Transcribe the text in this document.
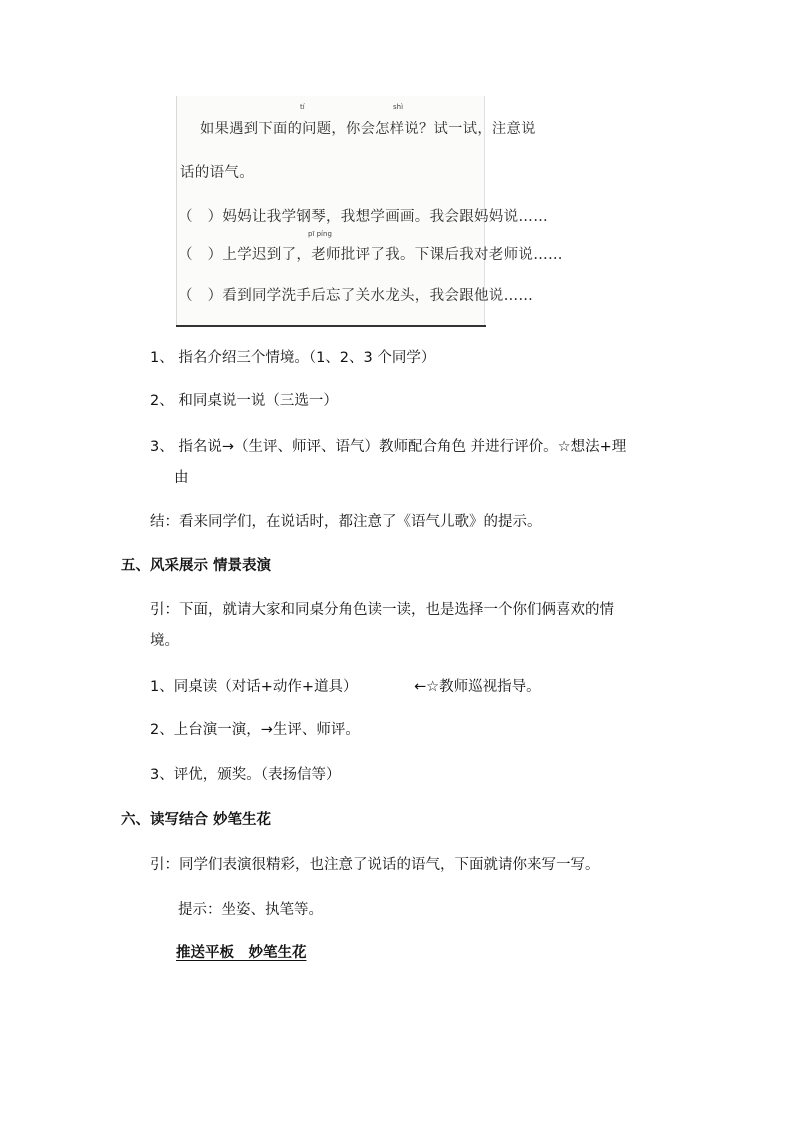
tí	shì
pī píng
如果遇到下面的问题，你会怎样说？试一试，注意说
话的语气。
（　）妈妈让我学钢琴，我想学画画。我会跟妈妈说……
（　）上学迟到了，老师批评了我。下课后我对老师说……
（　）看到同学洗手后忘了关水龙头，我会跟他说……
1、 指名介绍三个情境。（1、2、3 个同学）
2、 和同桌说一说（三选一）
3、 指名说→（生评、师评、语气）教师配合角色 并进行评价。☆想法+理
由
结：看来同学们，在说话时，都注意了《语气儿歌》的提示。
五、风采展示 情景表演
引：下面，就请大家和同桌分角色读一读，也是选择一个你们俩喜欢的情
境。
1、同桌读（对话+动作+道具）	←☆教师巡视指导。
2、上台演一演，→生评、师评。
3、评优，颁奖。（表扬信等）
六、读写结合 妙笔生花
引：同学们表演很精彩，也注意了说话的语气，下面就请你来写一写。
提示：坐姿、执笔等。
推送平板　妙笔生花
